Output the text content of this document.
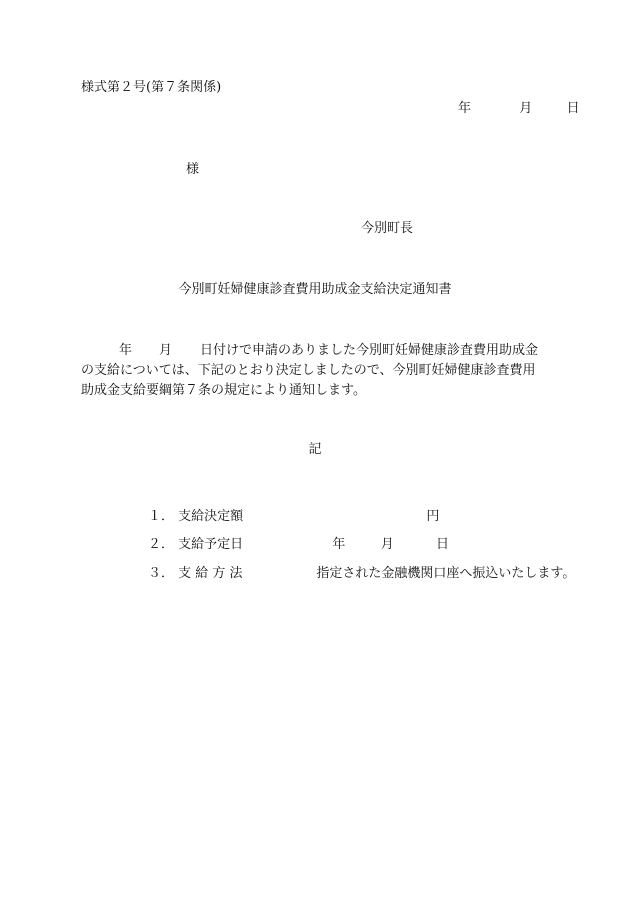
様式第２号(第７条関係)
年	月	日
様
今別町長
今別町妊婦健康診査費用助成金支給決定通知書
年 月 日付けで申請のありました今別町妊婦健康診査費用助成金
の支給については、下記のとおり決定しましたので、今別町妊婦健康診査費用
助成金支給要綱第７条の規定により通知します。
記
１． 支給決定額	円
２． 支給予定日	年	月	日
３． 支 給 方 法	指定された金融機関口座へ振込いたします。
